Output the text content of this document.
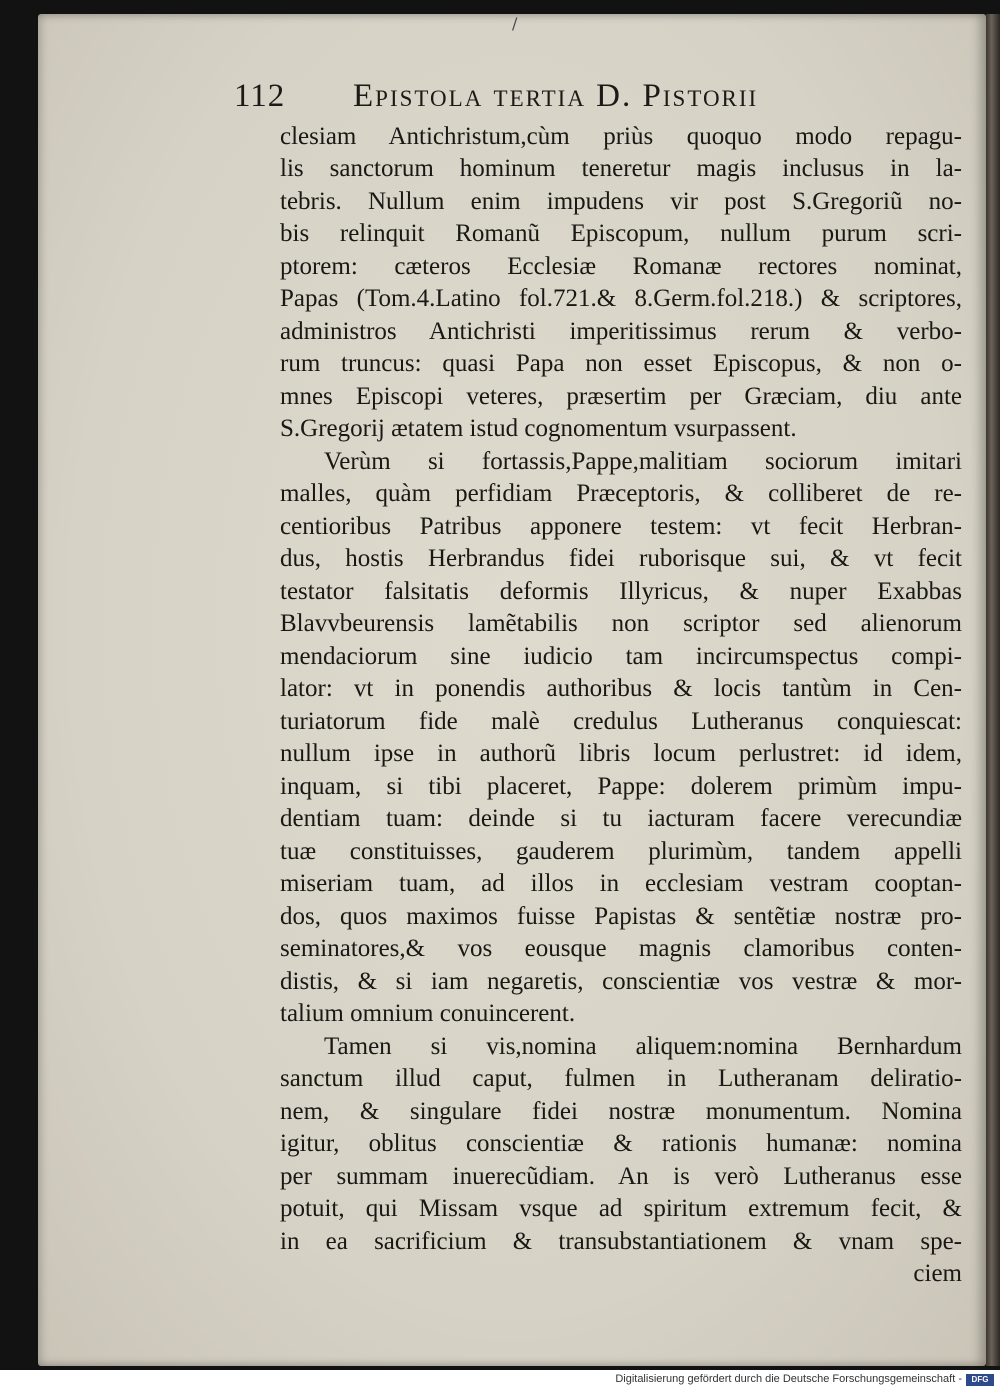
/
112 Epistola tertia D. Pistorii
clesiam Antichristum,cùm priùs quoquo modo repagu-
lis sanctorum hominum teneretur magis inclusus in la-
tebris. Nullum enim impudens vir post S.Gregoriũ no-
bis relinquit Romanũ Episcopum, nullum purum scri-
ptorem: cæteros Ecclesiæ Romanæ rectores nominat,
Papas (Tom.4.Latino fol.721.& 8.Germ.fol.218.) & scriptores,
administros Antichristi imperitissimus rerum & verbo-
rum truncus: quasi Papa non esset Episcopus, & non o-
mnes Episcopi veteres, præsertim per Græciam, diu ante
S.Gregorij ætatem istud cognomentum vsurpassent.
Verùm si fortassis,Pappe,malitiam sociorum imitari
malles, quàm perfidiam Præceptoris, & colliberet de re-
centioribus Patribus apponere testem: vt fecit Herbran-
dus, hostis Herbrandus fidei ruborisque sui, & vt fecit
testator falsitatis deformis Illyricus, & nuper Exabbas
Blavvbeurensis lamẽtabilis non scriptor sed alienorum
mendaciorum sine iudicio tam incircumspectus compi-
lator: vt in ponendis authoribus & locis tantùm in Cen-
turiatorum fide malè credulus Lutheranus conquiescat:
nullum ipse in authorũ libris locum perlustret: id idem,
inquam, si tibi placeret, Pappe: dolerem primùm impu-
dentiam tuam: deinde si tu iacturam facere verecundiæ
tuæ constituisses, gauderem plurimùm, tandem appelli
miseriam tuam, ad illos in ecclesiam vestram cooptan-
dos, quos maximos fuisse Papistas & sentẽtiæ nostræ pro-
seminatores,& vos eousque magnis clamoribus conten-
distis, & si iam negaretis, conscientiæ vos vestræ & mor-
talium omnium conuincerent.
Tamen si vis,nomina aliquem:nomina Bernhardum
sanctum illud caput, fulmen in Lutheranam deliratio-
nem, & singulare fidei nostræ monumentum. Nomina
igitur, oblitus conscientiæ & rationis humanæ: nomina
per summam inuerecũdiam. An is verò Lutheranus esse
potuit, qui Missam vsque ad spiritum extremum fecit, &
in ea sacrificium & transubstantiationem & vnam spe-
ciem
Digitalisierung gefördert durch die Deutsche Forschungsgemeinschaft -	DFG
